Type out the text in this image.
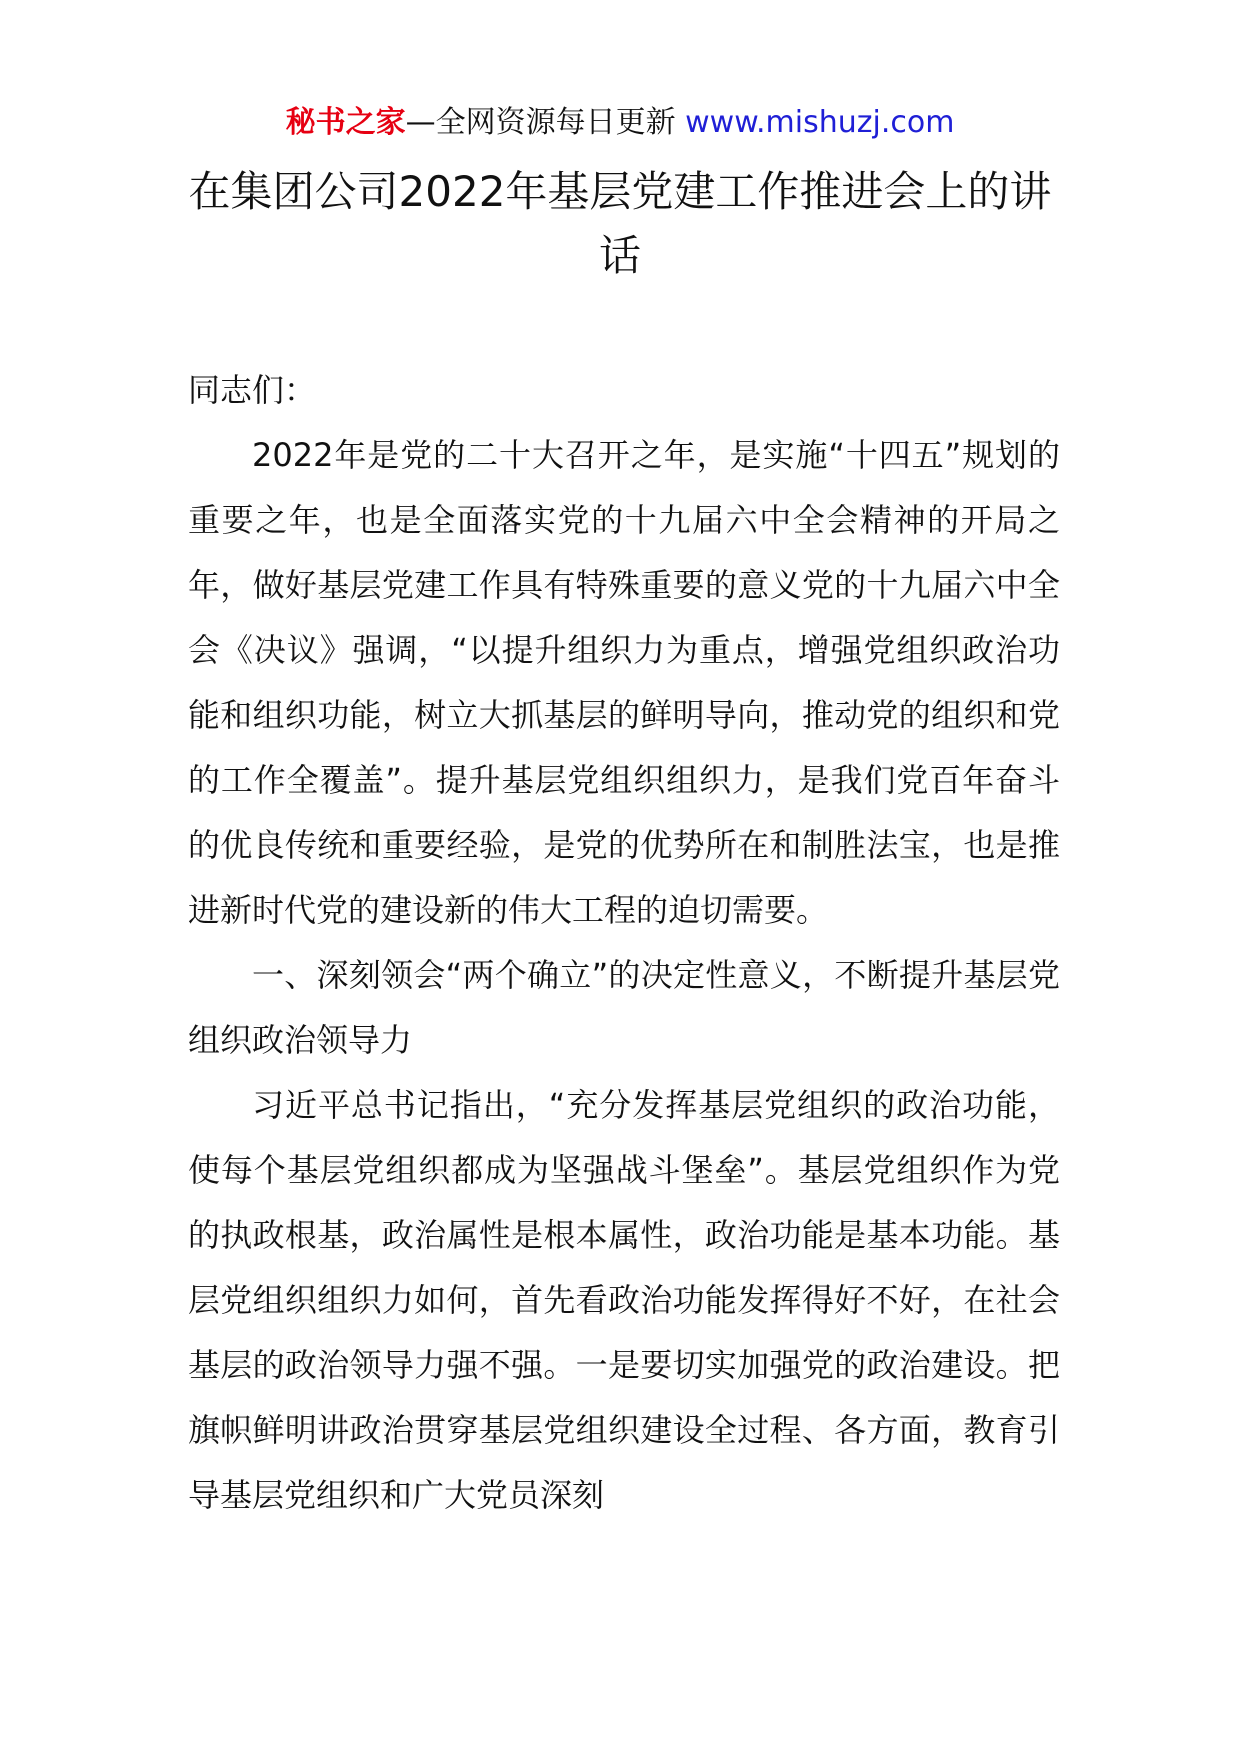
秘书之家—全网资源每日更新 www.mishuzj.com
在集团公司2022年基层党建工作推进会上的讲话

同志们：

2022年是党的二十大召开之年，是实施“十四五”规划的重要之年，也是全面落实党的十九届六中全会精神的开局之年，做好基层党建工作具有特殊重要的意义党的十九届六中全会《决议》强调，“以提升组织力为重点，增强党组织政治功能和组织功能，树立大抓基层的鲜明导向，推动党的组织和党的工作全覆盖”。提升基层党组织组织力，是我们党百年奋斗的优良传统和重要经验，是党的优势所在和制胜法宝，也是推进新时代党的建设新的伟大工程的迫切需要。

一、深刻领会“两个确立”的决定性意义，不断提升基层党组织政治领导力

习近平总书记指出，“充分发挥基层党组织的政治功能，使每个基层党组织都成为坚强战斗堡垒”。基层党组织作为党的执政根基，政治属性是根本属性，政治功能是基本功能。基层党组织组织力如何，首先看政治功能发挥得好不好，在社会基层的政治领导力强不强。一是要切实加强党的政治建设。把旗帜鲜明讲政治贯穿基层党组织建设全过程、各方面，教育引导基层党组织和广大党员深刻
